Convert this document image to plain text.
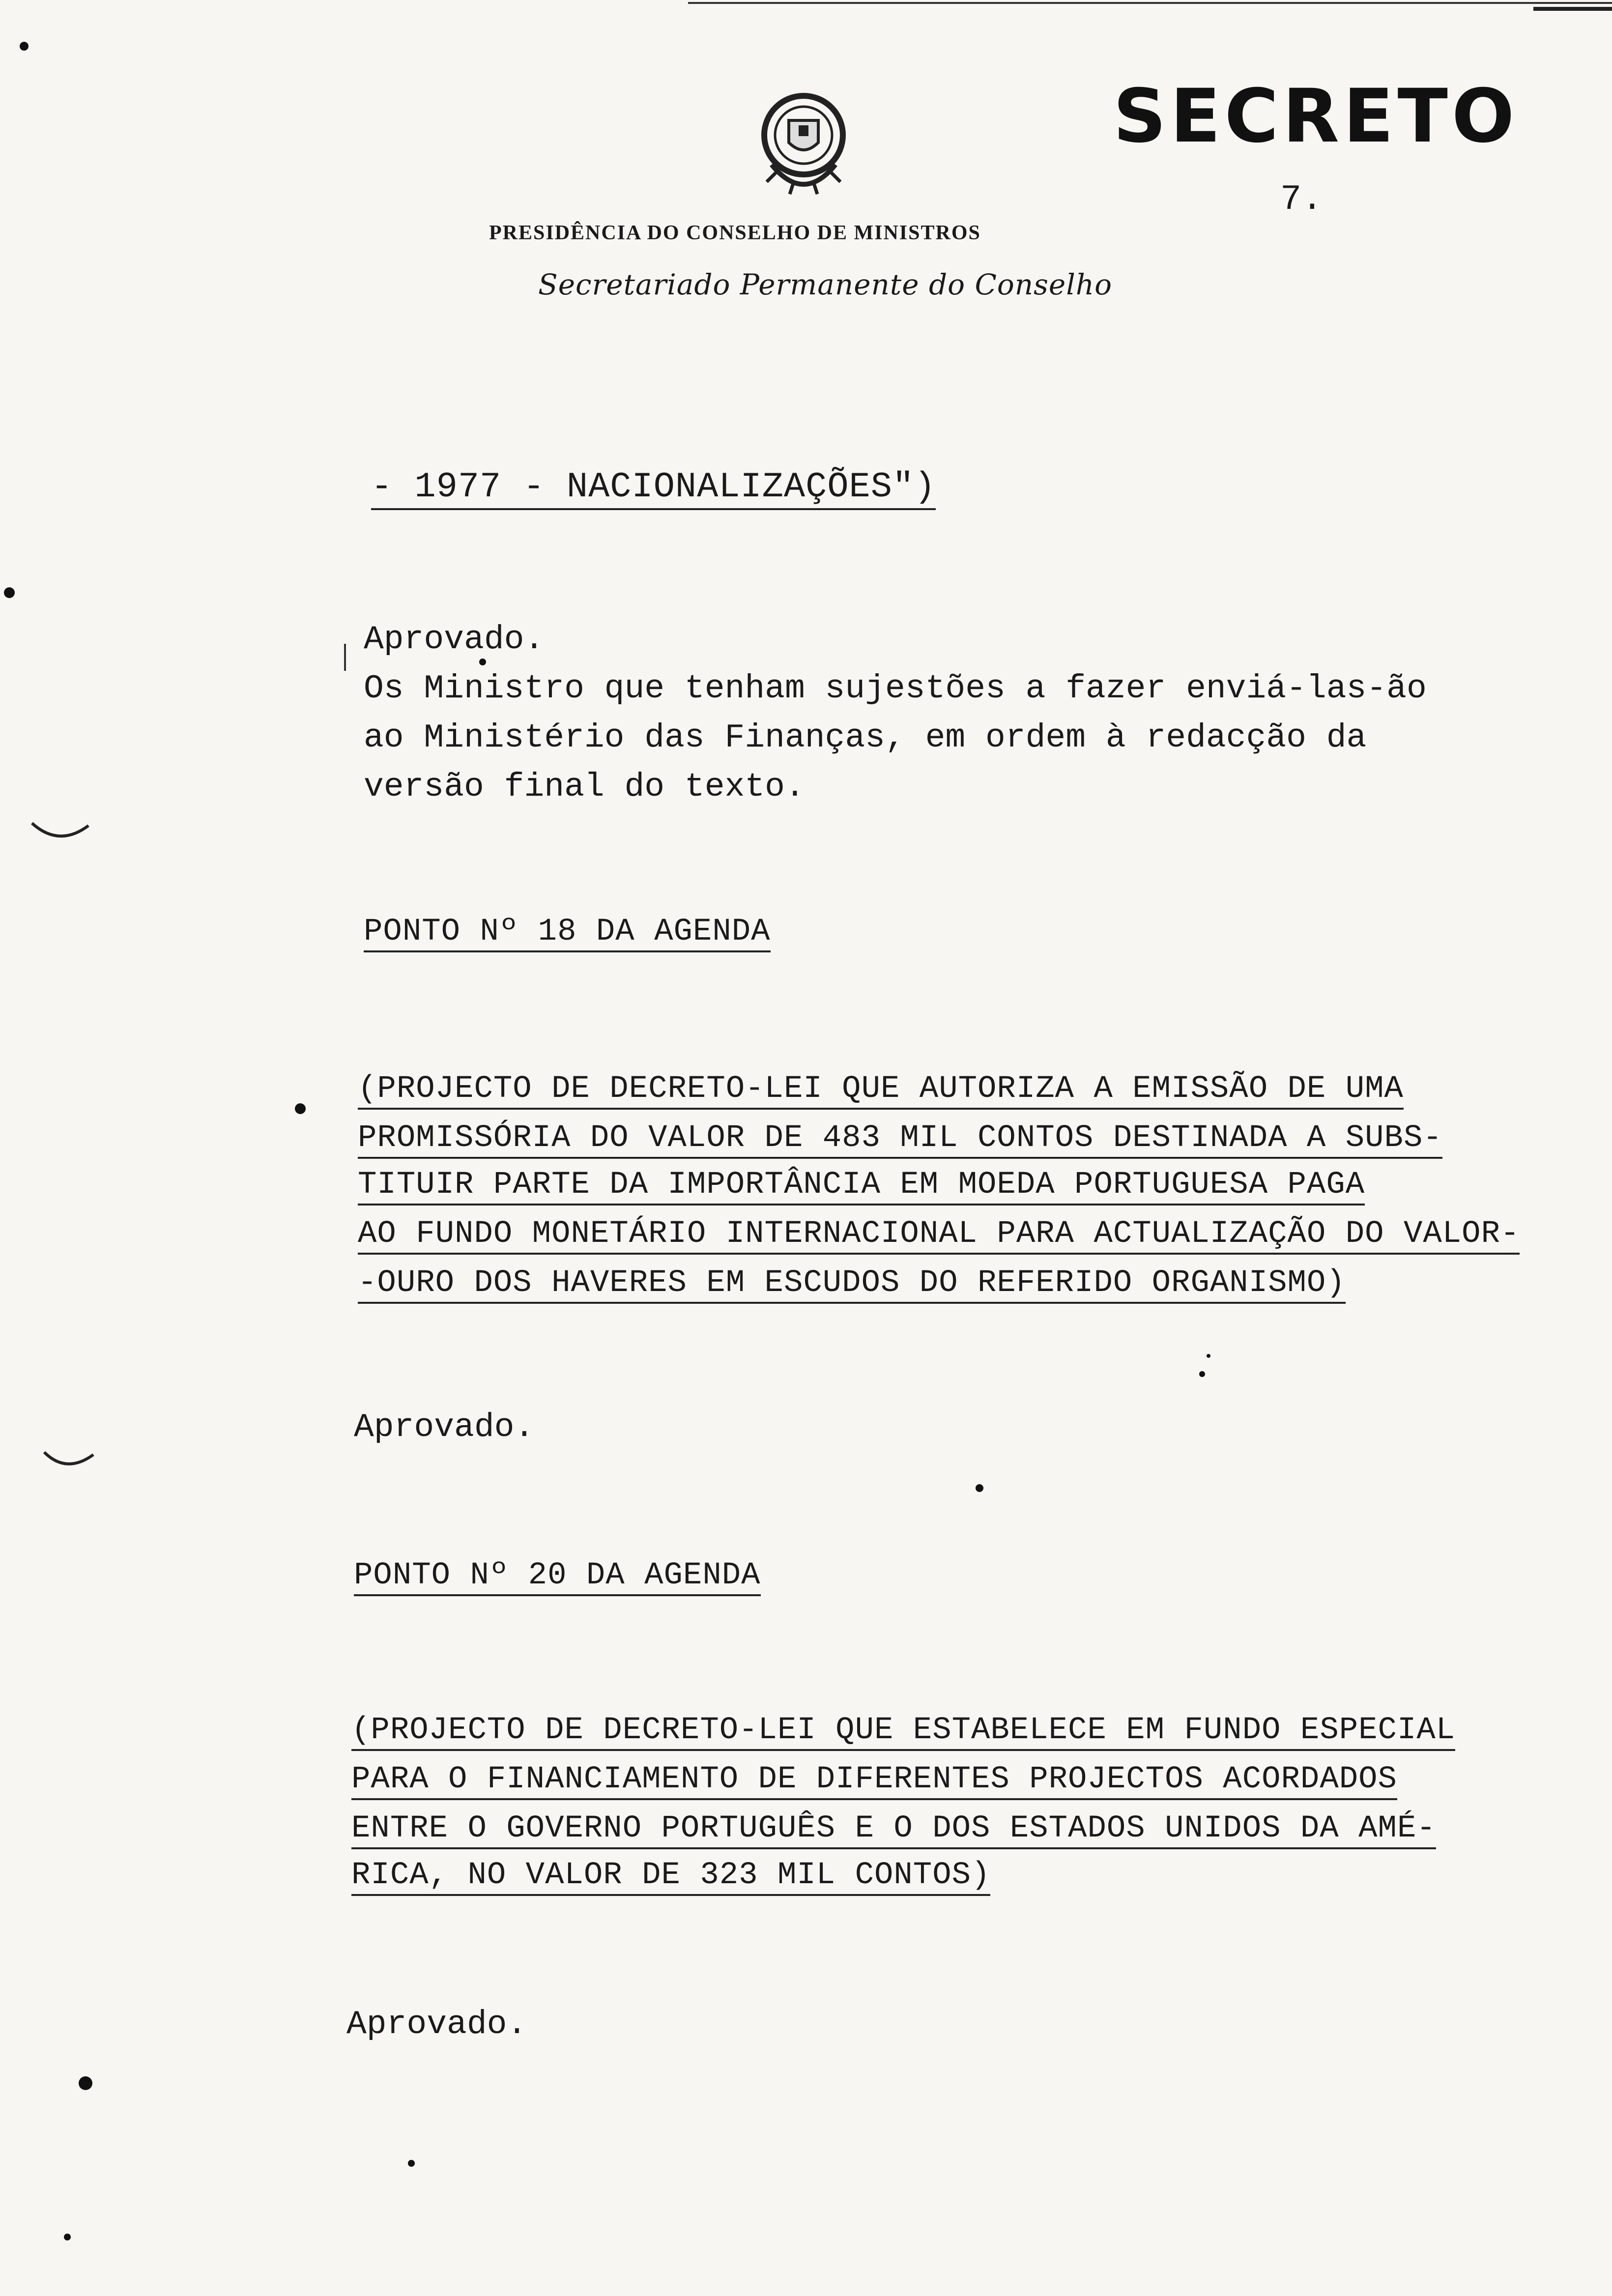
SECRETO
7.
PRESIDÊNCIA DO CONSELHO DE MINISTROS
Secretariado Permanente do Conselho
- 1977 - NACIONALIZAÇÕES")
Aprovado.
Os Ministro que tenham sujestões a fazer enviá-las-ão
ao Ministério das Finanças, em ordem à redacção da
versão final do texto.
PONTO Nº 18 DA AGENDA
(PROJECTO DE DECRETO-LEI QUE AUTORIZA A EMISSÃO DE UMA
PROMISSÓRIA DO VALOR DE 483 MIL CONTOS DESTINADA A SUBS-
TITUIR PARTE DA IMPORTÂNCIA EM MOEDA PORTUGUESA PAGA
AO FUNDO MONETÁRIO INTERNACIONAL PARA ACTUALIZAÇÃO DO VALOR-
-OURO DOS HAVERES EM ESCUDOS DO REFERIDO ORGANISMO)
Aprovado.
PONTO Nº 20 DA AGENDA
(PROJECTO DE DECRETO-LEI QUE ESTABELECE EM FUNDO ESPECIAL
PARA O FINANCIAMENTO DE DIFERENTES PROJECTOS ACORDADOS
ENTRE O GOVERNO PORTUGUÊS E O DOS ESTADOS UNIDOS DA AMÉ-
RICA, NO VALOR DE 323 MIL CONTOS)
Aprovado.
